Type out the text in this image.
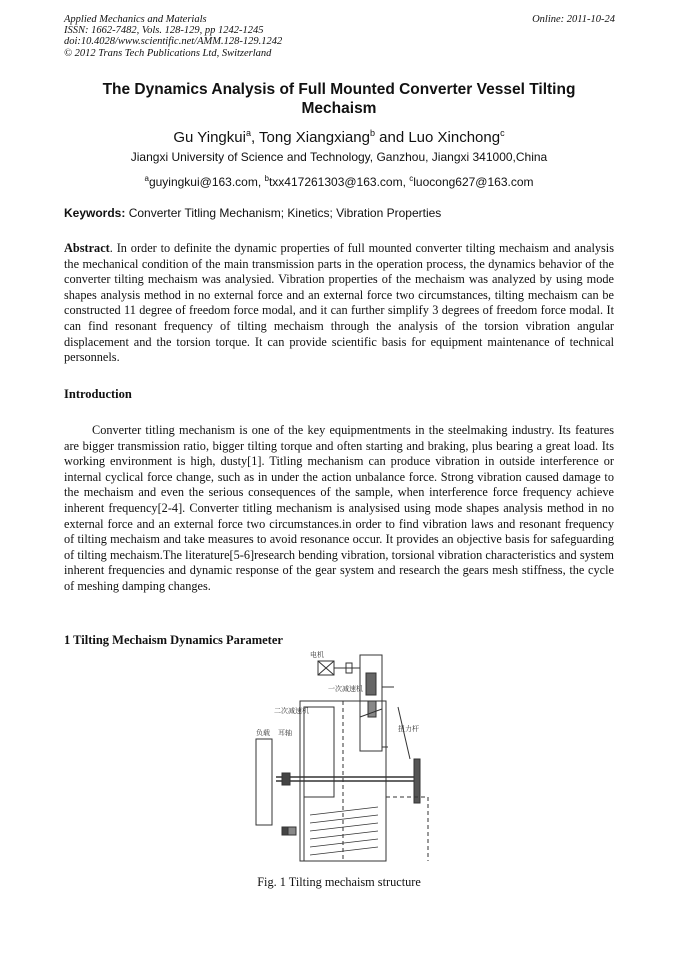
Applied Mechanics and Materials
ISSN: 1662-7482, Vols. 128-129, pp 1242-1245
doi:10.4028/www.scientific.net/AMM.128-129.1242
© 2012 Trans Tech Publications Ltd, Switzerland
Online: 2011-10-24
The Dynamics Analysis of Full Mounted Converter Vessel Tilting Mechaism
Gu Yingkui$^a$, Tong Xiangxiang$^b$ and Luo Xinchong$^c$
Jiangxi University of Science and Technology, Ganzhou, Jiangxi 341000,China
$^a$guyingkui@163.com, $^b$txx417261303@163.com, $^c$luocong627@163.com
Keywords: Converter Titling Mechanism; Kinetics; Vibration Properties
Abstract. In order to definite the dynamic properties of full mounted converter tilting mechaism and analysis the mechanical condition of the main transmission parts in the operation process, the dynamics behavior of the converter tilting mechaism was analysied. Vibration properties of the mechaism was analyzed by using mode shapes analysis method in no external force and an external force two circumstances, tilting mechaism can be constructed 11 degree of freedom force modal, and it can further simplify 3 degrees of freedom force modal. It can find resonant frequency of tilting mechaism through the analysis of the torsion vibration angular displacement and the torsion torque. It can provide scientific basis for equipment maintenance of technical personnels.
Introduction
Converter titling mechanism is one of the key equipmentments in the steelmaking industry. Its features are bigger transmission ratio, bigger tilting torque and often starting and braking, plus bearing a great load. Its working environment is high, dusty[1]. Titling mechanism can produce vibration in outside interference or internal cyclical force change, such as in under the action unbalance force. Strong vibration caused damage to the mechaism and even the serious consequences of the sample, when interference force frequency achieve inherent frequency[2-4]. Converter titling mechanism is analysised using mode shapes analysis method in no external force and an external force two circumstances.in order to find vibration laws and resonant frequency of tilting mechaism and take measures to avoid resonance occur. It provides an objective basis for safeguarding of tilting mechaism.The literature[5-6]research bending vibration, torsional vibration characteristics and system inherent frequencies and dynamic response of the gear system and research the gears mesh stiffness, the cycle of meshing damping changes.
1 Tilting Mechaism Dynamics Parameter
电机
一次减速机
二次减速机
负载 耳轴	扭力杆
Fig. 1 Tilting mechaism structure
